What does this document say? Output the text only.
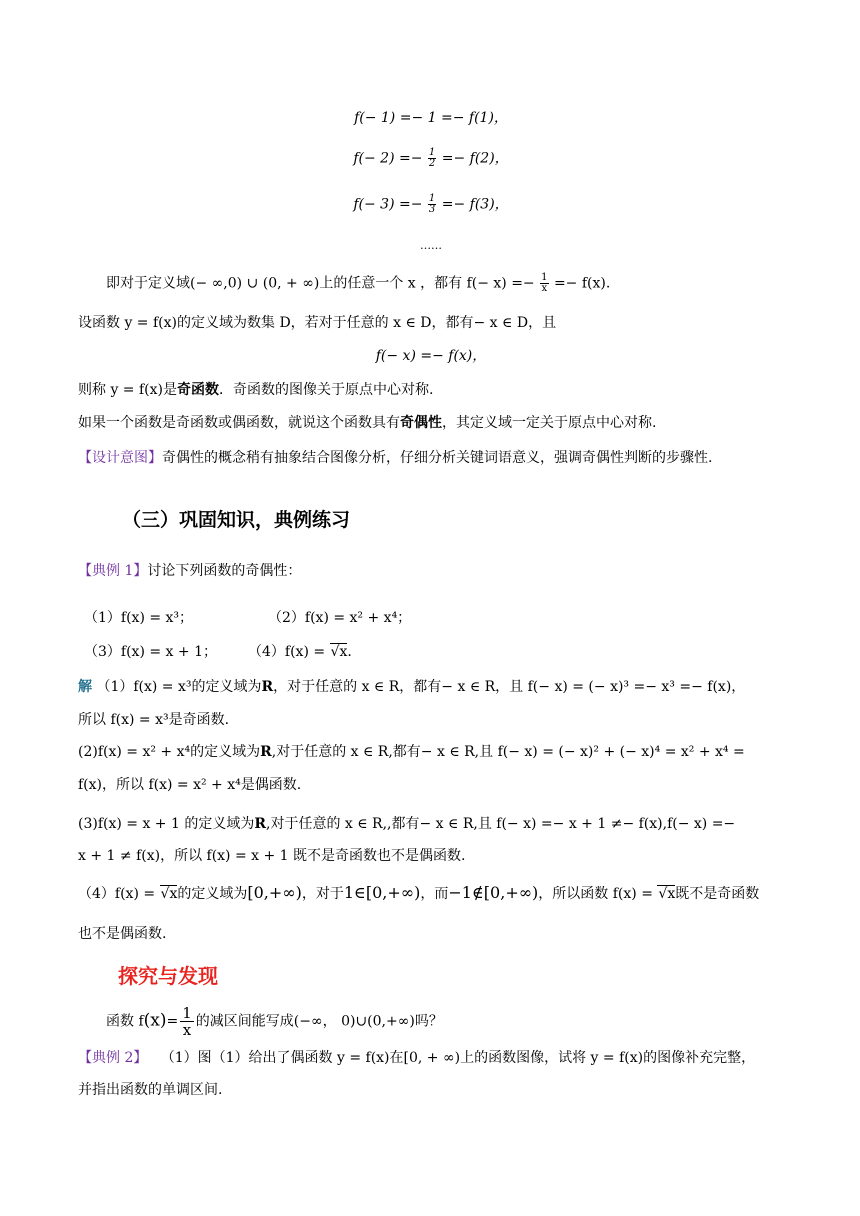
f(− 1) =− 1 =− f(1)，
$f(- 2) =- \frac{1}{2} =- f(2)$，
$f(- 3) =- \frac{1}{3} =- f(3)$，
……
即对于定义域(− ∞,0) ∪ (0, + ∞)上的任意一个 x ，都有 $f(- x) =- \frac{1}{x} =- f(x)$.
设函数 y = f(x)的定义域为数集 D，若对于任意的 x ∈ D，都有− x ∈ D，且
f(− x) =− f(x)，
则称 y = f(x)是奇函数．奇函数的图像关于原点中心对称.
如果一个函数是奇函数或偶函数，就说这个函数具有奇偶性，其定义域一定关于原点中心对称.
【设计意图】奇偶性的概念稍有抽象结合图像分析，仔细分析关键词语意义，强调奇偶性判断的步骤性.
（三）巩固知识，典例练习
【典例 1】讨论下列函数的奇偶性：
（1）f(x) = x³；	（2）f(x) = x² + x⁴；
（3）f(x) = x + 1； （4）f(x) = √x.
解 （1）f(x) = x³的定义域为R，对于任意的 x ∈ R，都有− x ∈ R，且 f(− x) = (− x)³ =− x³ =− f(x)，
所以 f(x) = x³是奇函数.
(2)f(x) = x² + x⁴的定义域为R,对于任意的 x ∈ R,都有− x ∈ R,且 f(− x) = (− x)² + (− x)⁴ = x² + x⁴ =
f(x)，所以 f(x) = x² + x⁴是偶函数.
(3)f(x) = x + 1 的定义域为R,对于任意的 x ∈ R,,都有− x ∈ R,且 f(− x) =− x + 1 ≠− f(x),f(− x) =−
x + 1 ≠ f(x)，所以 f(x) = x + 1 既不是奇函数也不是偶函数.
（4）f(x) = √x的定义域为[0,+∞)，对于1∈[0,+∞)，而−1∉[0,+∞)，所以函数 f(x) = √x既不是奇函数
也不是偶函数.
探究与发现
函数 $f(x)= \frac{1}{x}$ 的减区间能写成(−∞， 0)∪(0,+∞)吗？
【典例 2】 （1）图（1）给出了偶函数 y = f(x)在[0, + ∞)上的函数图像，试将 y = f(x)的图像补充完整，
并指出函数的单调区间.
